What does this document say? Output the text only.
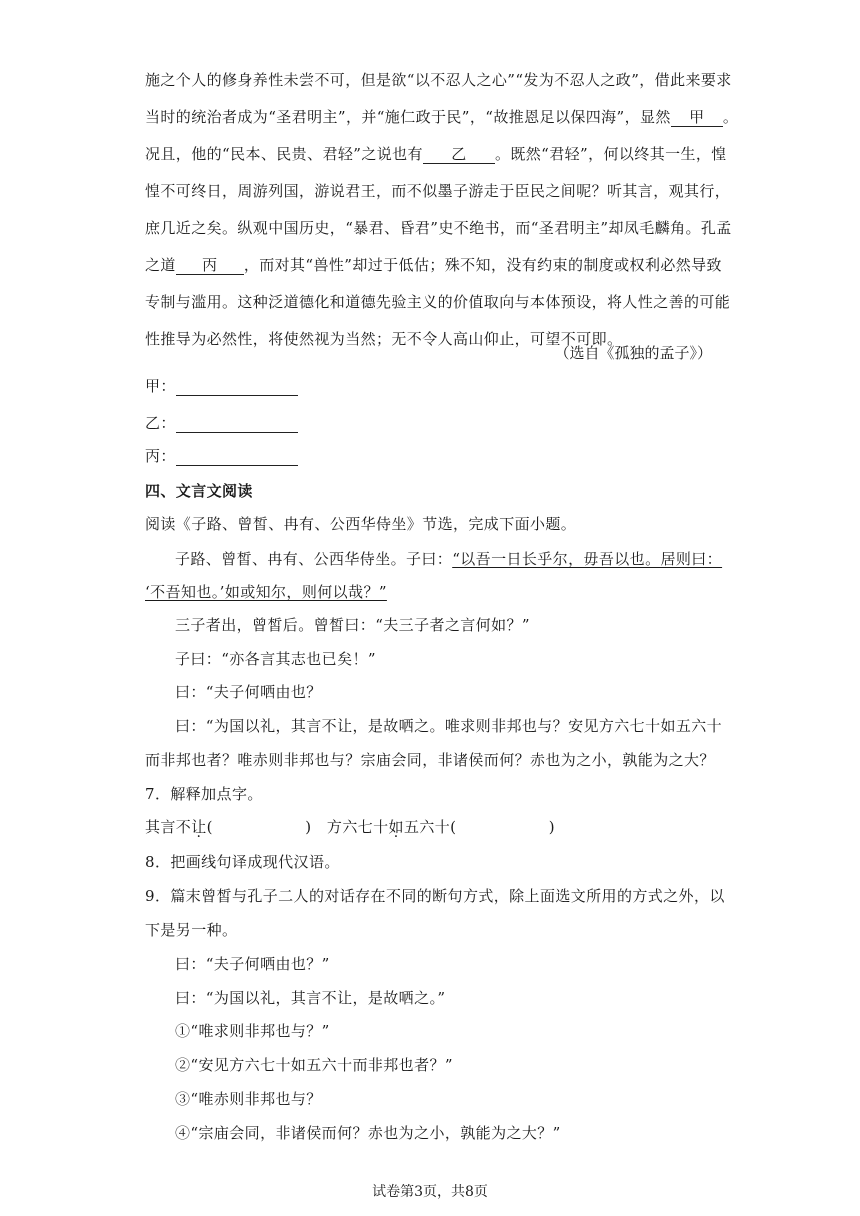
施之个人的修身养性未尝不可，但是欲“以不忍人之心”“发为不忍人之政”，借此来要求
当时的统治者成为“圣君明主”，并“施仁政于民”，“故推恩足以保四海”，显然 甲 。
况且，他的“民本、民贵、君轻”之说也有 乙 。既然“君轻”，何以终其一生，惶
惶不可终日，周游列国，游说君王，而不似墨子游走于臣民之间呢？听其言，观其行，
庶几近之矣。纵观中国历史，“暴君、昏君”史不绝书，而“圣君明主”却凤毛麟角。孔孟
之道 丙 ，而对其“兽性”却过于低估；殊不知，没有约束的制度或权利必然导致
专制与滥用。这种泛道德化和道德先验主义的价值取向与本体预设，将人性之善的可能
性推导为必然性，将使然视为当然；无不令人高山仰止，可望不可即。
（选自《孤独的孟子》）
甲：
乙：
丙：
四、文言文阅读
阅读《子路、曾皙、冉有、公西华侍坐》节选，完成下面小题。
子路、曾皙、冉有、公西华侍坐。子曰：“以吾一日长乎尔，毋吾以也。居则曰：
‘不吾知也。’如或知尔，则何以哉？”
三子者出，曾皙后。曾皙曰：“夫三子者之言何如？”
子曰：“亦各言其志也已矣！”
曰：“夫子何哂由也？
曰：“为国以礼，其言不让，是故哂之。唯求则非邦也与？安见方六七十如五六十
而非邦也者？唯赤则非邦也与？宗庙会同，非诸侯而何？赤也为之小，孰能为之大？
7．解释加点字。
其言不让(　　　　　　)　 方六七十如五六十(　　　　　　)
8．把画线句译成现代汉语。
9．篇末曾皙与孔子二人的对话存在不同的断句方式，除上面选文所用的方式之外，以
下是另一种。
曰：“夫子何哂由也？”
曰：“为国以礼，其言不让，是故哂之。”
①“唯求则非邦也与？”
②“安见方六七十如五六十而非邦也者？”
③“唯赤则非邦也与？
④“宗庙会同，非诸侯而何？赤也为之小，孰能为之大？”
试卷第3页，共8页
